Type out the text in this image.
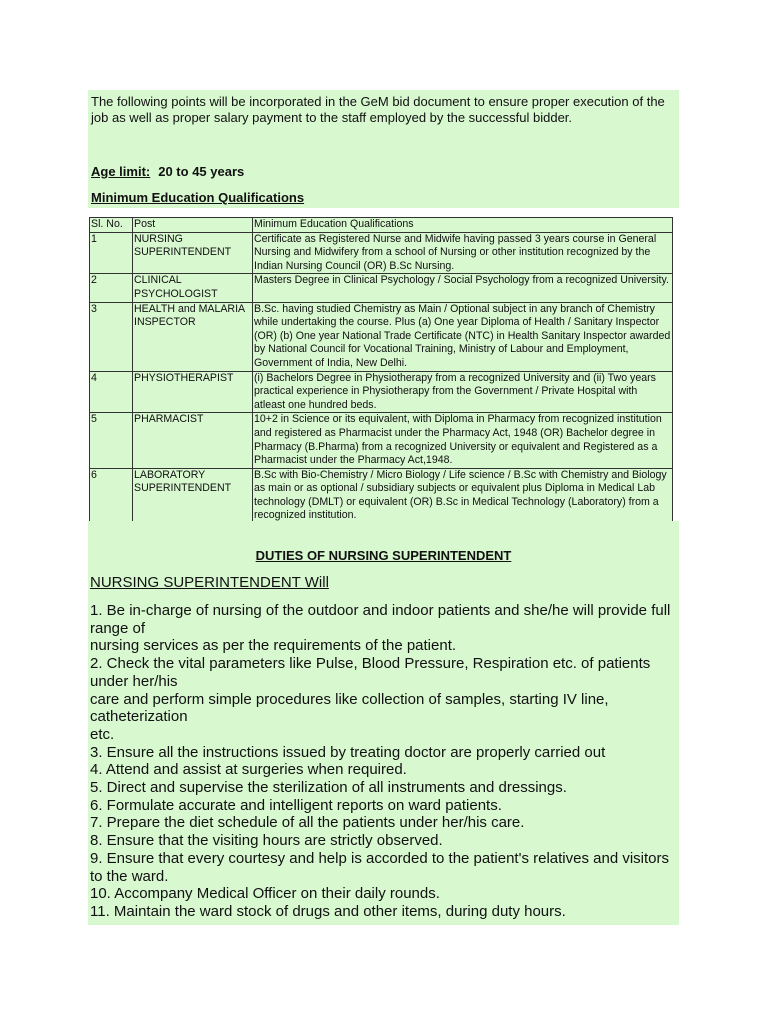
The following points will be incorporated in the GeM bid document to ensure proper execution of the job as well as proper salary payment to the staff employed by the successful bidder.
Age limit: 20 to 45 years
Minimum Education Qualifications
Sl. No.	Post	Minimum Education Qualifications
1	NURSING SUPERINTENDENT	Certificate as Registered Nurse and Midwife having passed 3 years course in General Nursing and Midwifery from a school of Nursing or other institution recognized by the Indian Nursing Council (OR) B.Sc Nursing.
2	CLINICAL PSYCHOLOGIST	Masters Degree in Clinical Psychology / Social Psychology from a recognized University.
3	HEALTH and MALARIA INSPECTOR	B.Sc. having studied Chemistry as Main / Optional subject in any branch of Chemistry while undertaking the course. Plus (a) One year Diploma of Health / Sanitary Inspector (OR) (b) One year National Trade Certificate (NTC) in Health Sanitary Inspector awarded by National Council for Vocational Training, Ministry of Labour and Employment, Government of India, New Delhi.
4	PHYSIOTHERAPIST	(i) Bachelors Degree in Physiotherapy from a recognized University and (ii) Two years practical experience in Physiotherapy from the Government / Private Hospital with atleast one hundred beds.
5	PHARMACIST	10+2 in Science or its equivalent, with Diploma in Pharmacy from recognized institution and registered as Pharmacist under the Pharmacy Act, 1948 (OR) Bachelor degree in Pharmacy (B.Pharma) from a recognized University or equivalent and Registered as a Pharmacist under the Pharmacy Act,1948.
6	LABORATORY SUPERINTENDENT	B.Sc with Bio-Chemistry / Micro Biology / Life science / B.Sc with Chemistry and Biology as main or as optional / subsidiary subjects or equivalent plus Diploma in Medical Lab technology (DMLT) or equivalent (OR) B.Sc in Medical Technology (Laboratory) from a recognized institution.
DUTIES OF NURSING SUPERINTENDENT
NURSING SUPERINTENDENT Will
1. Be in-charge of nursing of the outdoor and indoor patients and she/he will provide full range of
nursing services as per the requirements of the patient.
2. Check the vital parameters like Pulse, Blood Pressure, Respiration etc. of patients under her/his
care and perform simple procedures like collection of samples, starting IV line, catheterization
etc.
3. Ensure all the instructions issued by treating doctor are properly carried out
4. Attend and assist at surgeries when required.
5. Direct and supervise the sterilization of all instruments and dressings.
6. Formulate accurate and intelligent reports on ward patients.
7. Prepare the diet schedule of all the patients under her/his care.
8. Ensure that the visiting hours are strictly observed.
9. Ensure that every courtesy and help is accorded to the patient's relatives and visitors to the ward.
10. Accompany Medical Officer on their daily rounds.
11. Maintain the ward stock of drugs and other items, during duty hours.
